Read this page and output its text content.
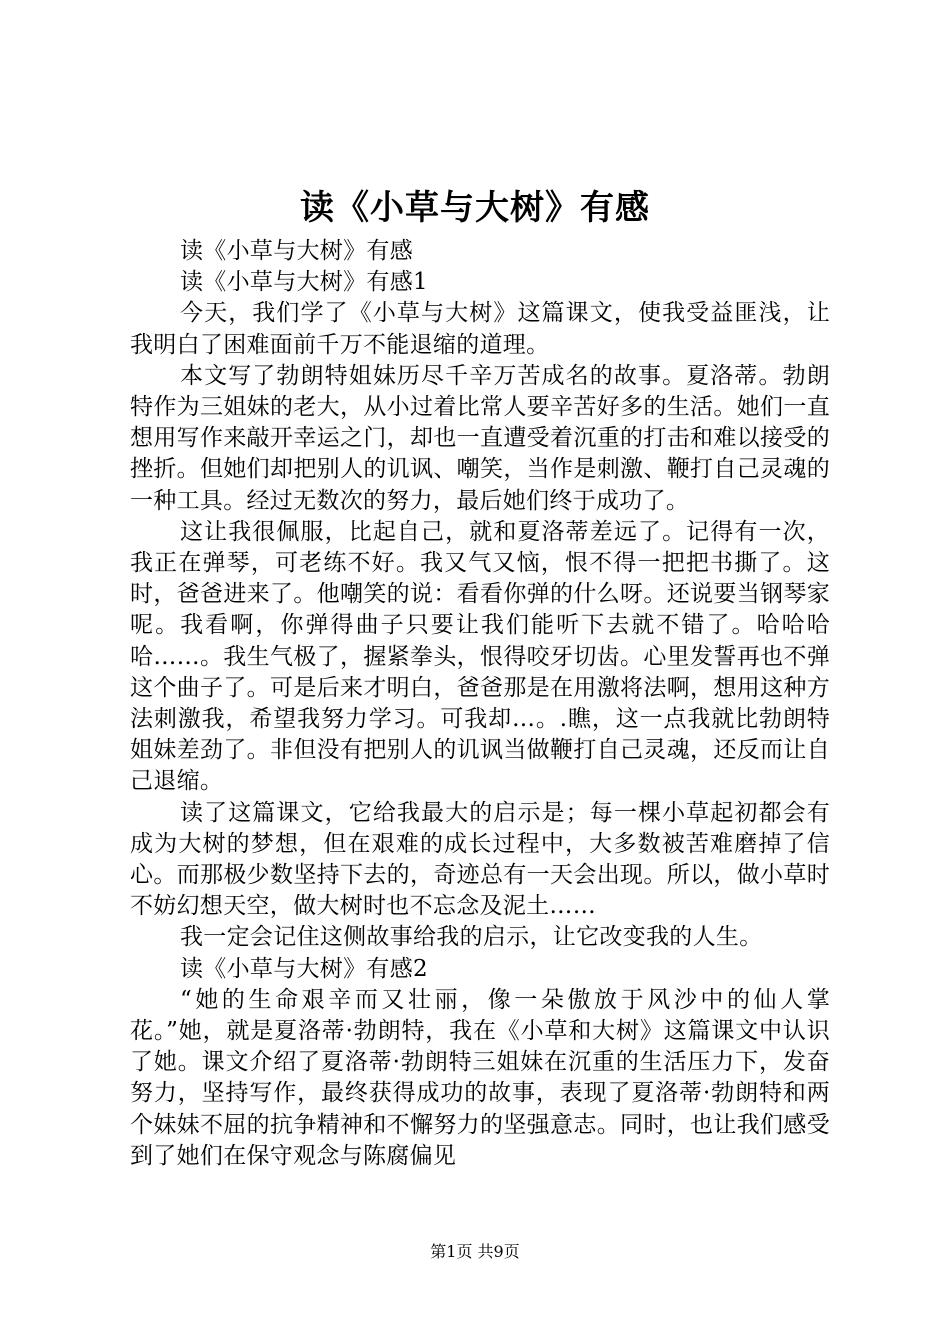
读《小草与大树》有感

读《小草与大树》有感

读《小草与大树》有感1

今天，我们学了《小草与大树》这篇课文，使我受益匪浅，让我明白了困难面前千万不能退缩的道理。

本文写了勃朗特姐妹历尽千辛万苦成名的故事。夏洛蒂。勃朗特作为三姐妹的老大，从小过着比常人要辛苦好多的生活。她们一直想用写作来敲开幸运之门，却也一直遭受着沉重的打击和难以接受的挫折。但她们却把别人的讥讽、嘲笑，当作是刺激、鞭打自己灵魂的一种工具。经过无数次的努力，最后她们终于成功了。

这让我很佩服，比起自己，就和夏洛蒂差远了。记得有一次，我正在弹琴，可老练不好。我又气又恼，恨不得一把把书撕了。这时，爸爸进来了。他嘲笑的说：看看你弹的什么呀。还说要当钢琴家呢。我看啊，你弹得曲子只要让我们能听下去就不错了。哈哈哈哈……。我生气极了，握紧拳头，恨得咬牙切齿。心里发誓再也不弹这个曲子了。可是后来才明白，爸爸那是在用激将法啊，想用这种方法刺激我，希望我努力学习。可我却…。.瞧，这一点我就比勃朗特姐妹差劲了。非但没有把别人的讥讽当做鞭打自己灵魂，还反而让自己退缩。

读了这篇课文，它给我最大的启示是；每一棵小草起初都会有成为大树的梦想，但在艰难的成长过程中，大多数被苦难磨掉了信心。而那极少数坚持下去的，奇迹总有一天会出现。所以，做小草时不妨幻想天空，做大树时也不忘念及泥土……

我一定会记住这侧故事给我的启示，让它改变我的人生。

读《小草与大树》有感2

“她的生命艰辛而又壮丽，像一朵傲放于风沙中的仙人掌花。”她，就是夏洛蒂·勃朗特，我在《小草和大树》这篇课文中认识了她。课文介绍了夏洛蒂·勃朗特三姐妹在沉重的生活压力下，发奋努力，坚持写作，最终获得成功的故事，表现了夏洛蒂·勃朗特和两个妹妹不屈的抗争精神和不懈努力的坚强意志。同时，也让我们感受到了她们在保守观念与陈腐偏见

第1页 共9页
